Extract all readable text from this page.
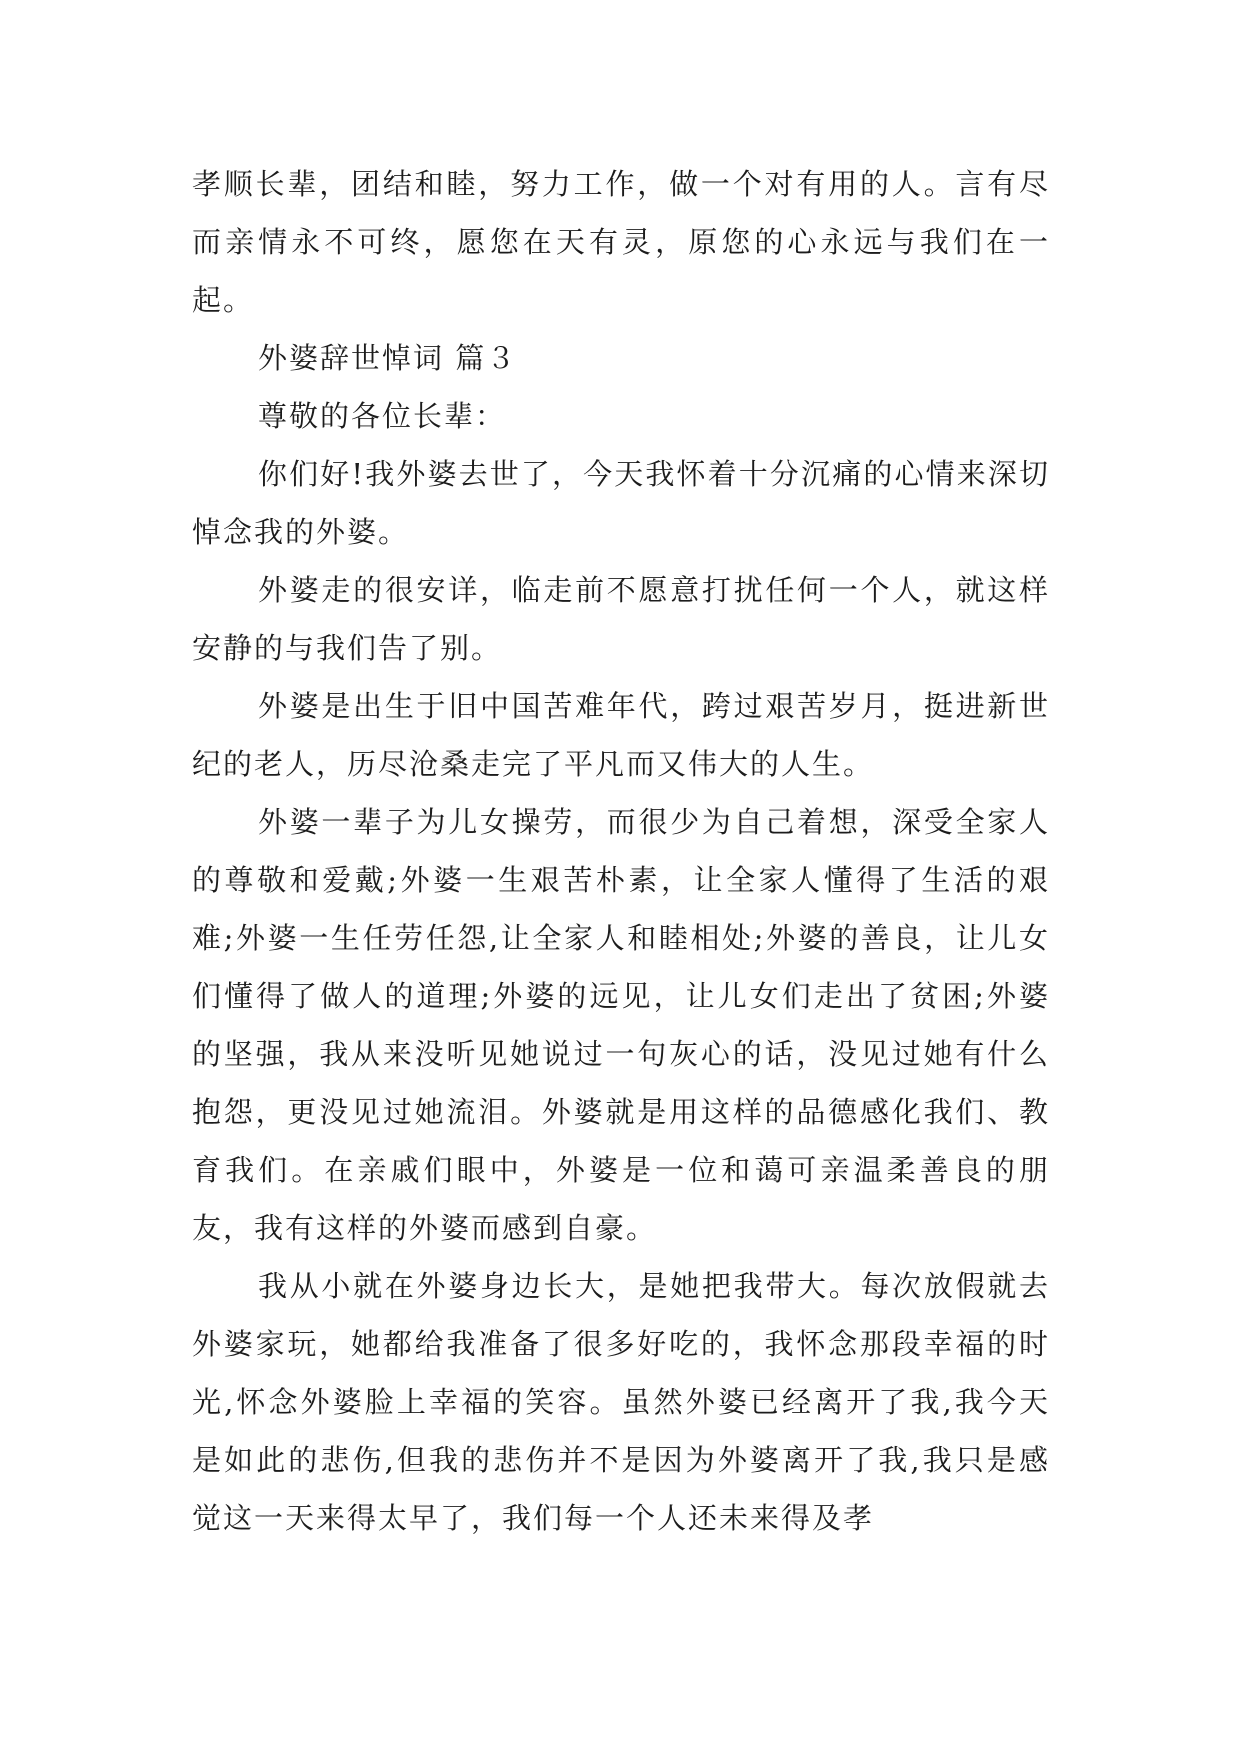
孝顺长辈，团结和睦，努力工作，做一个对有用的人。言有尽而亲情永不可终，愿您在天有灵，原您的心永远与我们在一起。

外婆辞世悼词 篇３

尊敬的各位长辈：

你们好!我外婆去世了，今天我怀着十分沉痛的心情来深切悼念我的外婆。

外婆走的很安详，临走前不愿意打扰任何一个人，就这样安静的与我们告了别。

外婆是出生于旧中国苦难年代，跨过艰苦岁月，挺进新世纪的老人，历尽沧桑走完了平凡而又伟大的人生。

外婆一辈子为儿女操劳，而很少为自己着想，深受全家人的尊敬和爱戴;外婆一生艰苦朴素，让全家人懂得了生活的艰难;外婆一生任劳任怨,让全家人和睦相处;外婆的善良，让儿女们懂得了做人的道理;外婆的远见，让儿女们走出了贫困;外婆的坚强，我从来没听见她说过一句灰心的话，没见过她有什么抱怨，更没见过她流泪。外婆就是用这样的品德感化我们、教育我们。在亲戚们眼中，外婆是一位和蔼可亲温柔善良的朋友，我有这样的外婆而感到自豪。

我从小就在外婆身边长大，是她把我带大。每次放假就去外婆家玩，她都给我准备了很多好吃的，我怀念那段幸福的时光,怀念外婆脸上幸福的笑容。虽然外婆已经离开了我,我今天是如此的悲伤,但我的悲伤并不是因为外婆离开了我,我只是感觉这一天来得太早了，我们每一个人还未来得及孝
